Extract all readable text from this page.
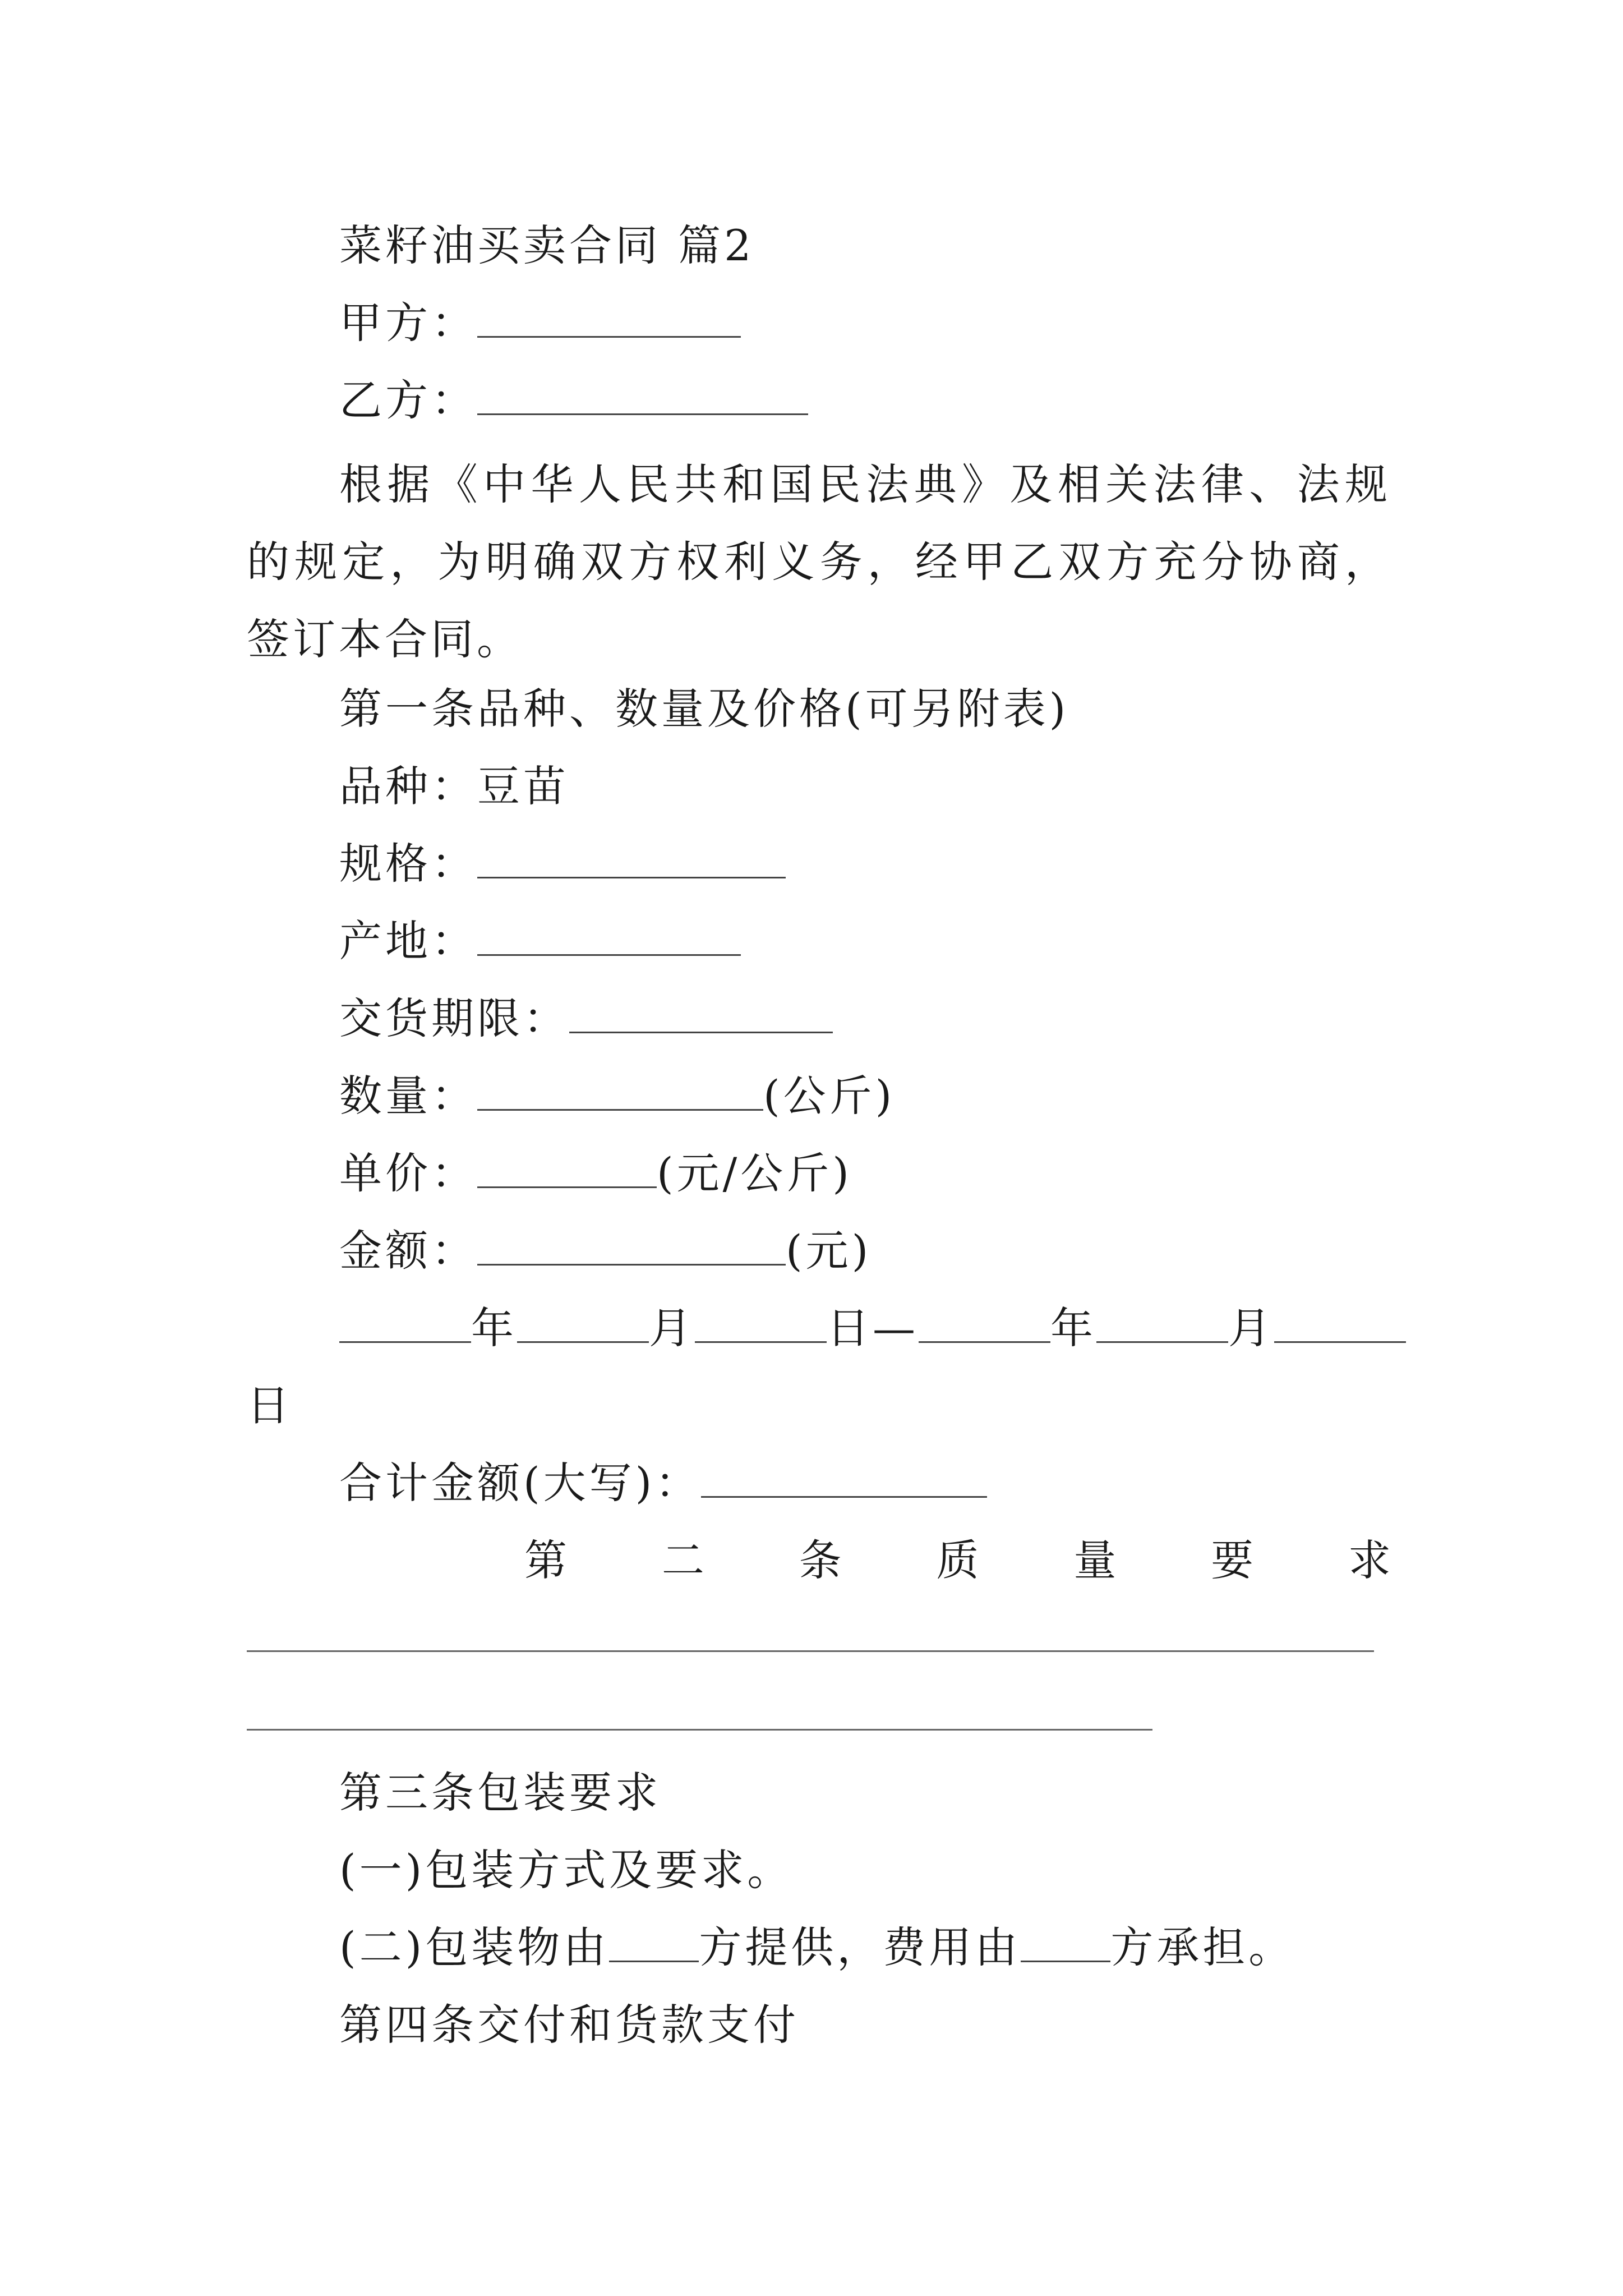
菜籽油买卖合同 篇2
甲方：
乙方：
根据《中华人民共和国民法典》及相关法律、法规的规定，为明确双方权利义务，经甲乙双方充分协商，签订本合同。
第一条品种、数量及价格(可另附表)
品种：豆苗
规格：
产地：
交货期限：
数量：	(公斤)
单价：	(元/公斤)
金额：	(元)
年	月	日—	年	月
日
合计金额(大写)：
第 二 条 质 量 要 求
第三条包装要求
(一)包装方式及要求。
(二)包装物由 方提供，费用由 方承担。
第四条交付和货款支付
